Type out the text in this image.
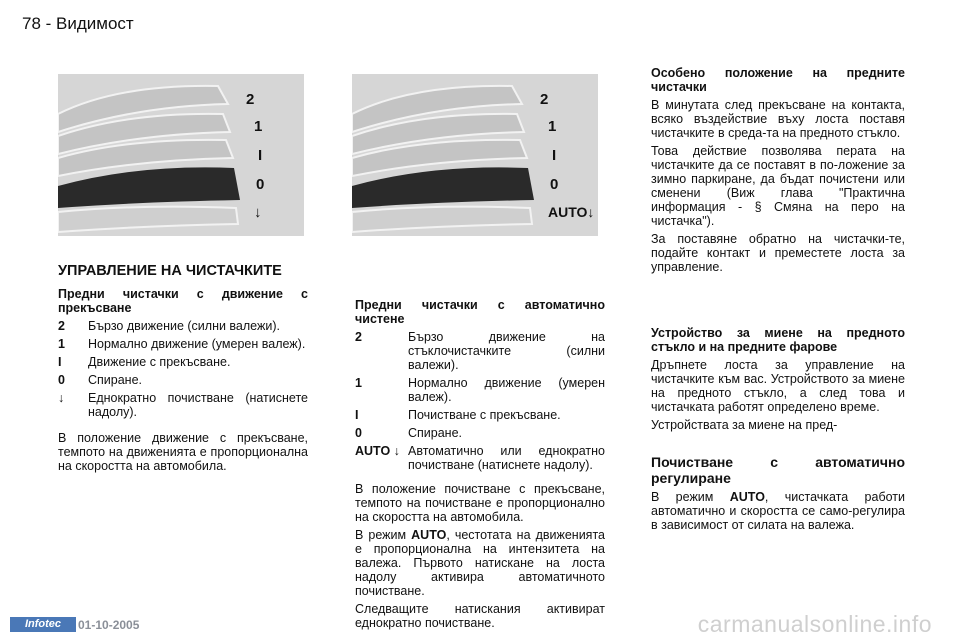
78 - Видимост
2
1
I
0
↓
2
1
I
0
AUTO↓
УПРАВЛЕНИЕ НА ЧИСТАЧКИТЕ
Предни чистачки с движение с прекъсване
2	Бързо движение (силни валежи).
1	Нормално движение (умерен валеж).
I	Движение с прекъсване.
0	Спиране.
↓	Еднократно почистване (натиснете надолу).

В положение движение с прекъсване, темпото на движенията е пропорционална на скоростта на автомобила.

Предни чистачки с автоматично чистене
2	Бързо движение на стъклочистачките (силни валежи).
1	Нормално движение (умерен валеж).
I	Почистване с прекъсване.
0	Спиране.
AUTO ↓ Автоматично или еднократно почистване (натиснете надолу).

В положение почистване с прекъсване, темпото на почистване е пропорционално на скоростта на автомобила.

В режим AUTO, честотата на движенията е пропорционална на интензитета на валежа. Първото натискане на лоста надолу активира автоматичното почистване.

Следващите натискания активират еднократно почистване.

Особено положение на предните чистачки

В минутата след прекъсване на контакта, всяко въздействие въху лоста поставя чистачките в среда-та на предното стъкло.

Това действие позволява перата на чистачките да се поставят в по-ложение за зимно паркиране, да бъдат почистени или сменени (Виж глава "Практична информация - § Смяна на перо на чистачка").

За поставяне обратно на чистачки-те, подайте контакт и преместете лоста за управление.

Устройство за миене на предното стъкло и на предните фарове

Дръпнете лоста за управление на чистачките към вас. Устройството за миене на предното стъкло, а след това и чистачката работят определено време.

Устройствата за миене на пред-

Почистване с автоматично регулиране

В режим AUTO, чистачката работи автоматично и скоростта се само-регулира в зависимост от силата на валежа.

Infotec	01-10-2005	carmanualsonline.info
